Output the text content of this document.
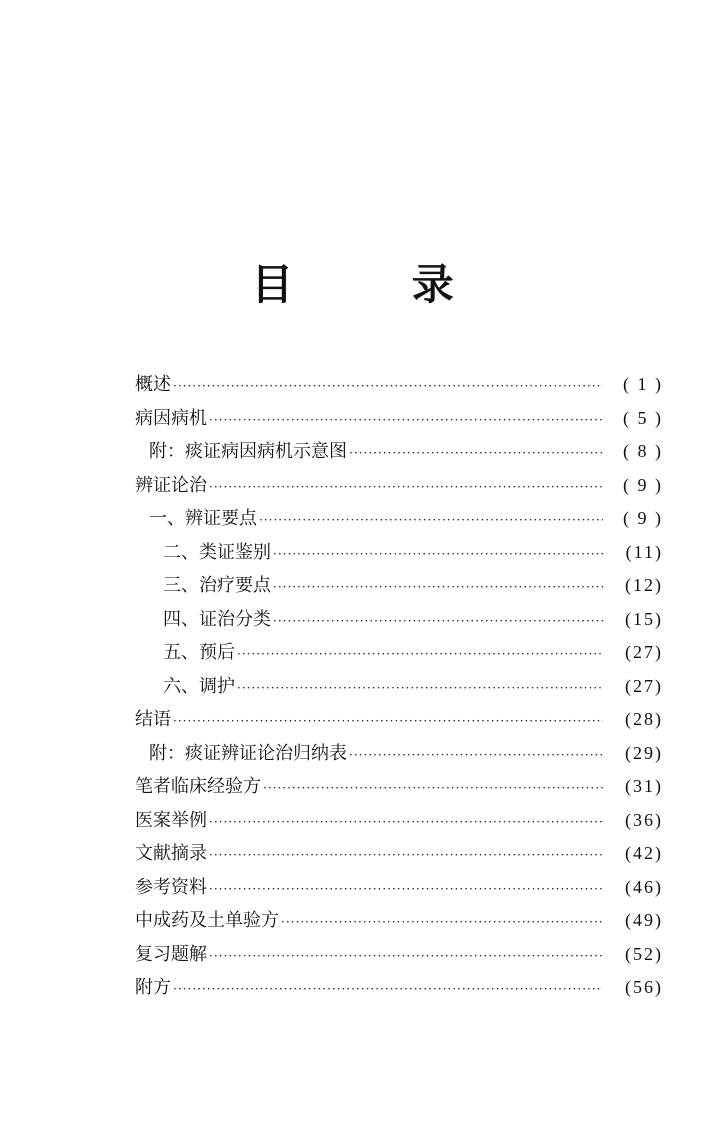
目 录
概述 ·····	( 1 )
病因病机 ·····	( 5 )
附：痰证病因病机示意图 ·····	( 8 )
辨证论治 ·····	( 9 )
一、辨证要点 ·····	( 9 )
二、类证鉴别 ·····	(11)
三、治疗要点 ·····	(12)
四、证治分类 ·····	(15)
五、预后 ·····	(27)
六、调护 ·····	(27)
结语 ·····	(28)
附：痰证辨证论治归纳表 ·····	(29)
笔者临床经验方 ·····	(31)
医案举例 ·····	(36)
文献摘录 ·····	(42)
参考资料 ·····	(46)
中成药及土单验方 ·····	(49)
复习题解 ·····	(52)
附方 ·····	(56)
